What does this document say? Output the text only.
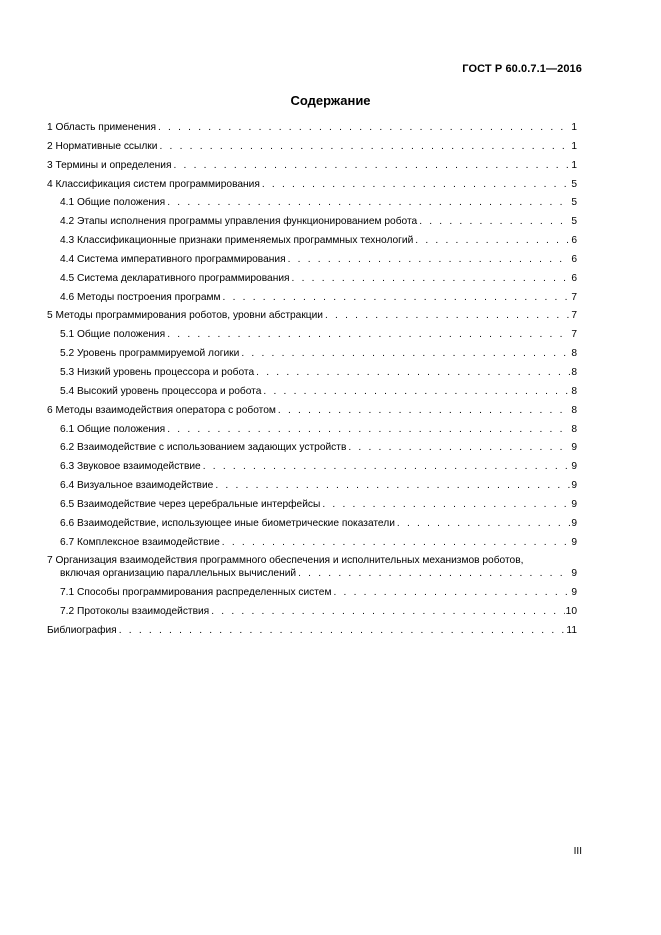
ГОСТ Р 60.0.7.1—2016
Содержание
1 Область применения . . .	1
2 Нормативные ссылки . . .	1
3 Термины и определения . . .	1
4 Классификация систем программирования . . .	5
4.1 Общие положения . . .	5
4.2 Этапы исполнения программы управления функционированием робота . . .	5
4.3 Классификационные признаки применяемых программных технологий . . .	6
4.4 Система императивного программирования . . .	6
4.5 Система декларативного программирования . . .	6
4.6 Методы построения программ . . .	7
5 Методы программирования роботов, уровни абстракции . . .	7
5.1 Общие положения . . .	7
5.2 Уровень программируемой логики . . .	8
5.3 Низкий уровень процессора и робота . . .	8
5.4 Высокий уровень процессора и робота . . .	8
6 Методы взаимодействия оператора с роботом . . .	8
6.1 Общие положения . . .	8
6.2 Взаимодействие с использованием задающих устройств . . .	9
6.3 Звуковое взаимодействие . . .	9
6.4 Визуальное взаимодействие . . .	9
6.5 Взаимодействие через церебральные интерфейсы . . .	9
6.6 Взаимодействие, использующее иные биометрические показатели . . .	9
6.7 Комплексное взаимодействие . . .	9
7 Организация взаимодействия программного обеспечения и исполнительных механизмов роботов,
включая организацию параллельных вычислений . . .	9
7.1 Способы программирования распределенных систем . . .	9
7.2 Протоколы взаимодействия . . .	10
Библиография . . .	11
III
